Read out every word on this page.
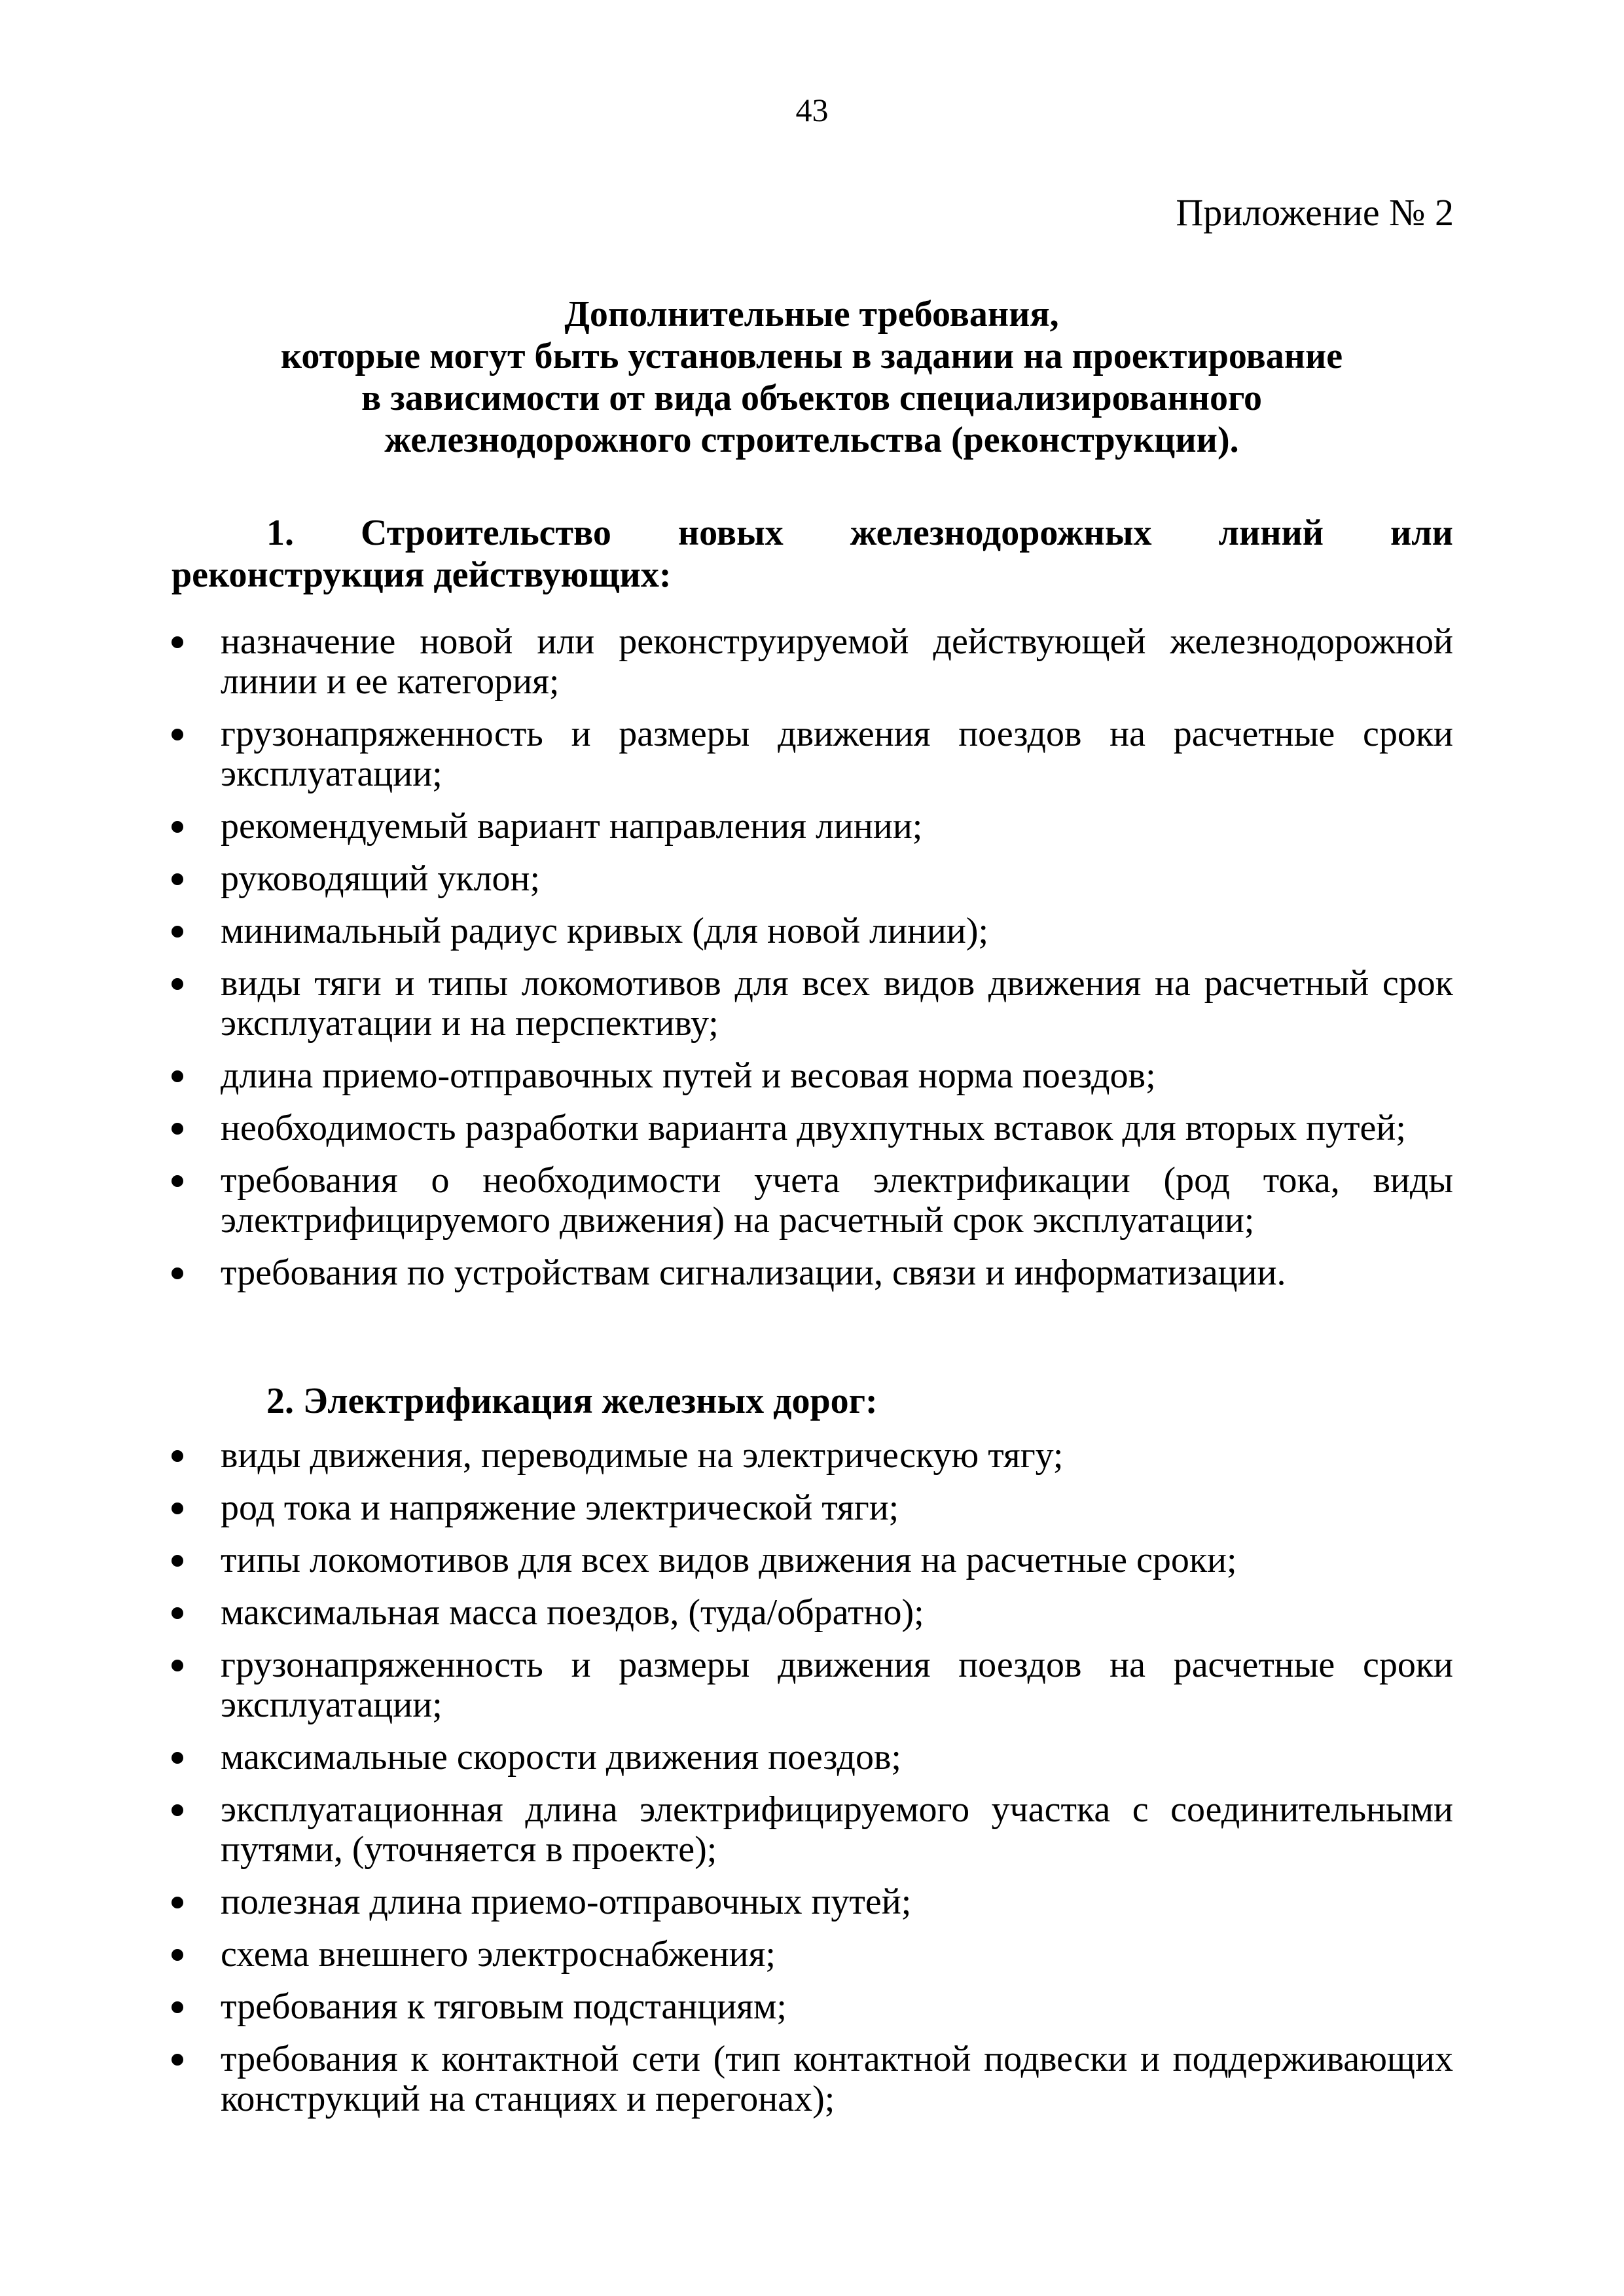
43
Приложение № 2
Дополнительные требования,
которые могут быть установлены в задании на проектирование
в зависимости от вида объектов специализированного
железнодорожного строительства (реконструкции).
1. Строительство новых железнодорожных линий или
реконструкция действующих:
назначение новой или реконструируемой действующей железнодорожной линии и ее категория;
грузонапряженность и размеры движения поездов на расчетные сроки эксплуатации;
рекомендуемый вариант направления линии;
руководящий уклон;
минимальный радиус кривых (для новой линии);
виды тяги и типы локомотивов для всех видов движения на расчетный срок эксплуатации и на перспективу;
длина приемо-отправочных путей и весовая норма поездов;
необходимость разработки варианта двухпутных вставок для вторых путей;
требования о необходимости учета электрификации (род тока, виды электрифицируемого движения) на расчетный срок эксплуатации;
требования по устройствам сигнализации, связи и информатизации.
2. Электрификация железных дорог:
виды движения, переводимые на электрическую тягу;
род тока и напряжение электрической тяги;
типы локомотивов для всех видов движения на расчетные сроки;
максимальная масса поездов, (туда/обратно);
грузонапряженность и размеры движения поездов на расчетные сроки эксплуатации;
максимальные скорости движения поездов;
эксплуатационная длина электрифицируемого участка с соединительными путями, (уточняется в проекте);
полезная длина приемо-отправочных путей;
схема внешнего электроснабжения;
требования к тяговым подстанциям;
требования к контактной сети (тип контактной подвески и поддерживающих конструкций на станциях и перегонах);
